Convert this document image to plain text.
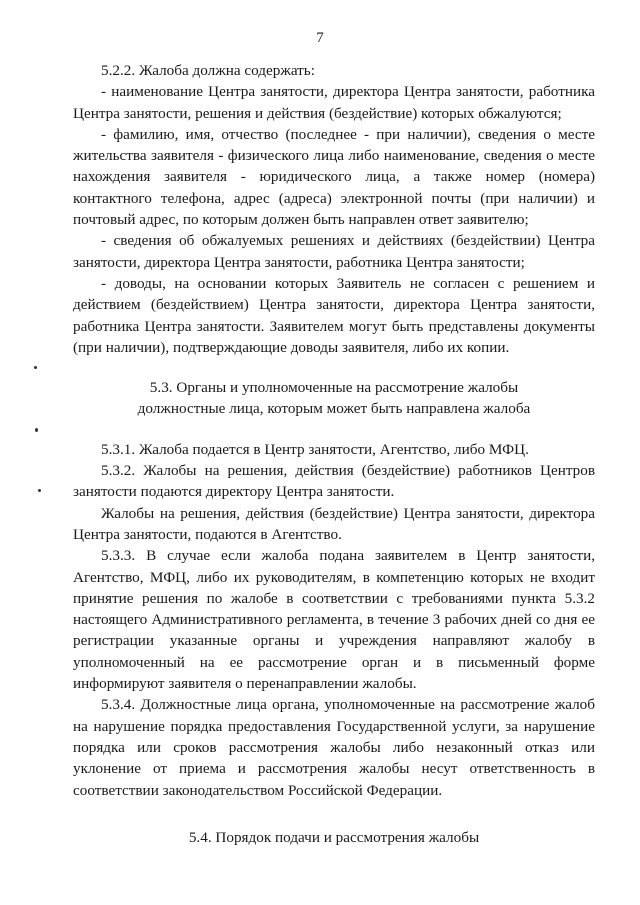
7

5.2.2. Жалоба должна содержать:

- наименование Центра занятости, директора Центра занятости, работника Центра занятости, решения и действия (бездействие) которых обжалуются;

- фамилию, имя, отчество (последнее - при наличии), сведения о месте жительства заявителя - физического лица либо наименование, сведения о месте нахождения заявителя - юридического лица, а также номер (номера) контактного телефона, адрес (адреса) электронной почты (при наличии) и почтовый адрес, по которым должен быть направлен ответ заявителю;

- сведения об обжалуемых решениях и действиях (бездействии) Центра занятости, директора Центра занятости, работника Центра занятости;

- доводы, на основании которых Заявитель не согласен с решением и действием (бездействием) Центра занятости, директора Центра занятости, работника Центра занятости. Заявителем могут быть представлены документы (при наличии), подтверждающие доводы заявителя, либо их копии.

5.3. Органы и уполномоченные на рассмотрение жалобы

должностные лица, которым может быть направлена жалоба

5.3.1. Жалоба подается в Центр занятости, Агентство, либо МФЦ.

5.3.2. Жалобы на решения, действия (бездействие) работников Центров занятости подаются директору Центра занятости.

Жалобы на решения, действия (бездействие) Центра занятости, директора Центра занятости, подаются в Агентство.

5.3.3. В случае если жалоба подана заявителем в Центр занятости, Агентство, МФЦ, либо их руководителям, в компетенцию которых не входит принятие решения по жалобе в соответствии с требованиями пункта 5.3.2 настоящего Административного регламента, в течение 3 рабочих дней со дня ее регистрации указанные органы и учреждения направляют жалобу в уполномоченный на ее рассмотрение орган и в письменный форме информируют заявителя о перенаправлении жалобы.

5.3.4. Должностные лица органа, уполномоченные на рассмотрение жалоб на нарушение порядка предоставления Государственной услуги, за нарушение порядка или сроков рассмотрения жалобы либо незаконный отказ или уклонение от приема и рассмотрения жалобы несут ответственность в соответствии законодательством Российской Федерации.

5.4. Порядок подачи и рассмотрения жалобы
